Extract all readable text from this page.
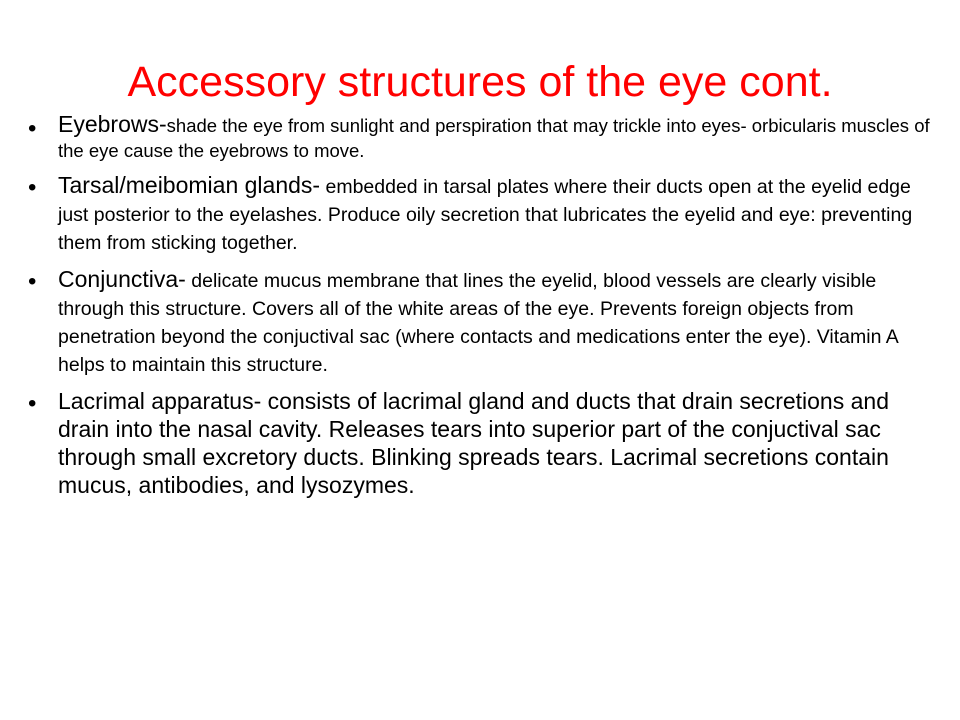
Accessory structures of the eye cont.
• Eyebrows-shade the eye from sunlight and perspiration that may trickle into eyes- orbicularis muscles of the eye cause the eyebrows to move.
• Tarsal/meibomian glands- embedded in tarsal plates where their ducts open at the eyelid edge just posterior to the eyelashes. Produce oily secretion that lubricates the eyelid and eye: preventing them from sticking together.
• Conjunctiva- delicate mucus membrane that lines the eyelid, blood vessels are clearly visible through this structure. Covers all of the white areas of the eye. Prevents foreign objects from penetration beyond the conjuctival sac (where contacts and medications enter the eye). Vitamin A helps to maintain this structure.
• Lacrimal apparatus- consists of lacrimal gland and ducts that drain secretions and drain into the nasal cavity. Releases tears into superior part of the conjuctival sac through small excretory ducts. Blinking spreads tears. Lacrimal secretions contain mucus, antibodies, and lysozymes.
